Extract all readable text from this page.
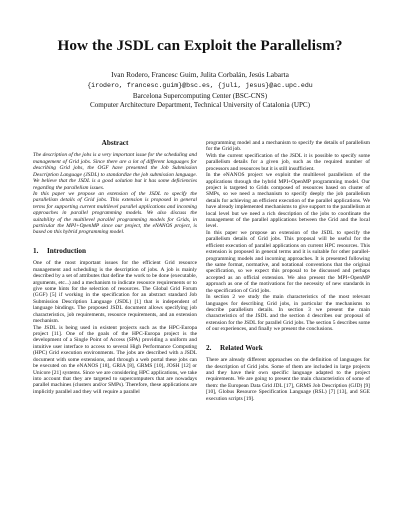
How the JSDL can Exploit the Parallelism?
Ivan Rodero, Francesc Guim, Julita Corbalán, Jesús Labarta
{irodero, francesc.guim}@bsc.es, {juli, jesus}@ac.upc.edu
Barcelona Supercomputing Center (BSC-CNS)
Computer Architecture Department, Technical University of Catalonia (UPC)
Abstract

The description of the jobs is a very important issue for the scheduling and management of Grid jobs. Since there are a lot of different languages for describing Grid jobs, the OGF have presented the Job Submission Description Language (JSDL) to standardize the job submission language. We believe that the JSDL is a good solution but it has some deficiencies regarding the parallelism issues.

In this paper we propose an extension of the JSDL to specify the parallelism details of Grid jobs. This extension is proposed in general terms for supporting current multilevel parallel applications and incoming approaches in parallel programming models. We also discuss the suitability of the multilevel parallel programming models for Grids, in particular the MPI+OpenMP since our project, the eNANOS project, is based on this hybrid programming model.

1. Introduction

One of the most important issues for the efficient Grid resource management and scheduling is the description of jobs. A job is mainly described by a set of attributes that define the work to be done (executable, arguments, etc...) and a mechanism to indicate resource requirements or to give some hints for the selection of resources. The Global Grid Forum (GGF) [5] if working in the specification for an abstract standard Job Submission Description Language (JSDL) [1] that is independent of language bindings. The proposed JSDL document allows specifying job characteristics, job requirements, resource requirements, and an extension mechanism.

The JSDL is being used in existent projects such as the HPC-Europa project [11]. One of the goals of the HPC-Europa project is the development of a Single Point of Access (SPA) providing a uniform and intuitive user interface to access to several High Performance Computing (HPC) Grid execution environments. The jobs are described with a JSDL document with some extensions, and through a web portal these jobs can be executed on the eNANOS [18], GRIA [8], GRMS [10], JOSH [12] or Unicore [21] systems. Since we are considering HPC applications, we take into account that they are targeted to supercomputers that are nowadays parallel machines (clusters and/or SMPs). Therefore, these applications are implicitly parallel and they will require a parallel

programming model and a mechanism to specify the details of parallelism for the Grid job.

With the current specification of the JSDL it is possible to specify some parallelism details for a given job, such as the required number of processors and resources but it is still insufficient.

In the eNANOS project we exploit the multilevel parallelism of the applications through the hybrid MPI+OpenMP programming model. Our project is targeted to Grids composed of resources based on cluster of SMPs, so we need a mechanism to specify deeply the job parallelism details for achieving an efficient execution of the parallel applications. We have already implemented mechanisms to give support to the parallelism at local level but we need a rich description of the jobs to coordinate the management of the parallel applications between the Grid and the local level.

In this paper we propose an extension of the JSDL to specify the parallelism details of Grid jobs. This proposal will be useful for the efficient execution of parallel applications on current HPC resources. This extension is proposed in general terms and it is suitable for other parallel-programming models and incoming approaches. It is presented following the same format, normative, and notational conventions that the original specification, so we expect this proposal to be discussed and perhaps accepted as an official extension. We also present the MPI+OpenMP approach as one of the motivations for the necessity of new standards in the specification of Grid jobs.

In section 2 we study the main characteristics of the most relevant languages for describing Grid jobs, in particular the mechanisms to describe parallelism details. In section 3 we present the main characteristics of the JSDL and the section 4 describes our proposal of extension for the JSDL for parallel Grid jobs. The section 5 describes some of our experiences, and finally we present the conclusions.

2. Related Work

There are already different approaches on the definition of languages for the description of Grid jobs. Some of them are included in large projects and they have their own specific language adapted to the project requirements. We are going to present the main characteristics of some of them: the European Data Grid JDL [17], GRMS Job Description (GJD) [9] [10], Globus Resource Specification Language (RSL) [7] [13], and SGE execution scripts [19].
